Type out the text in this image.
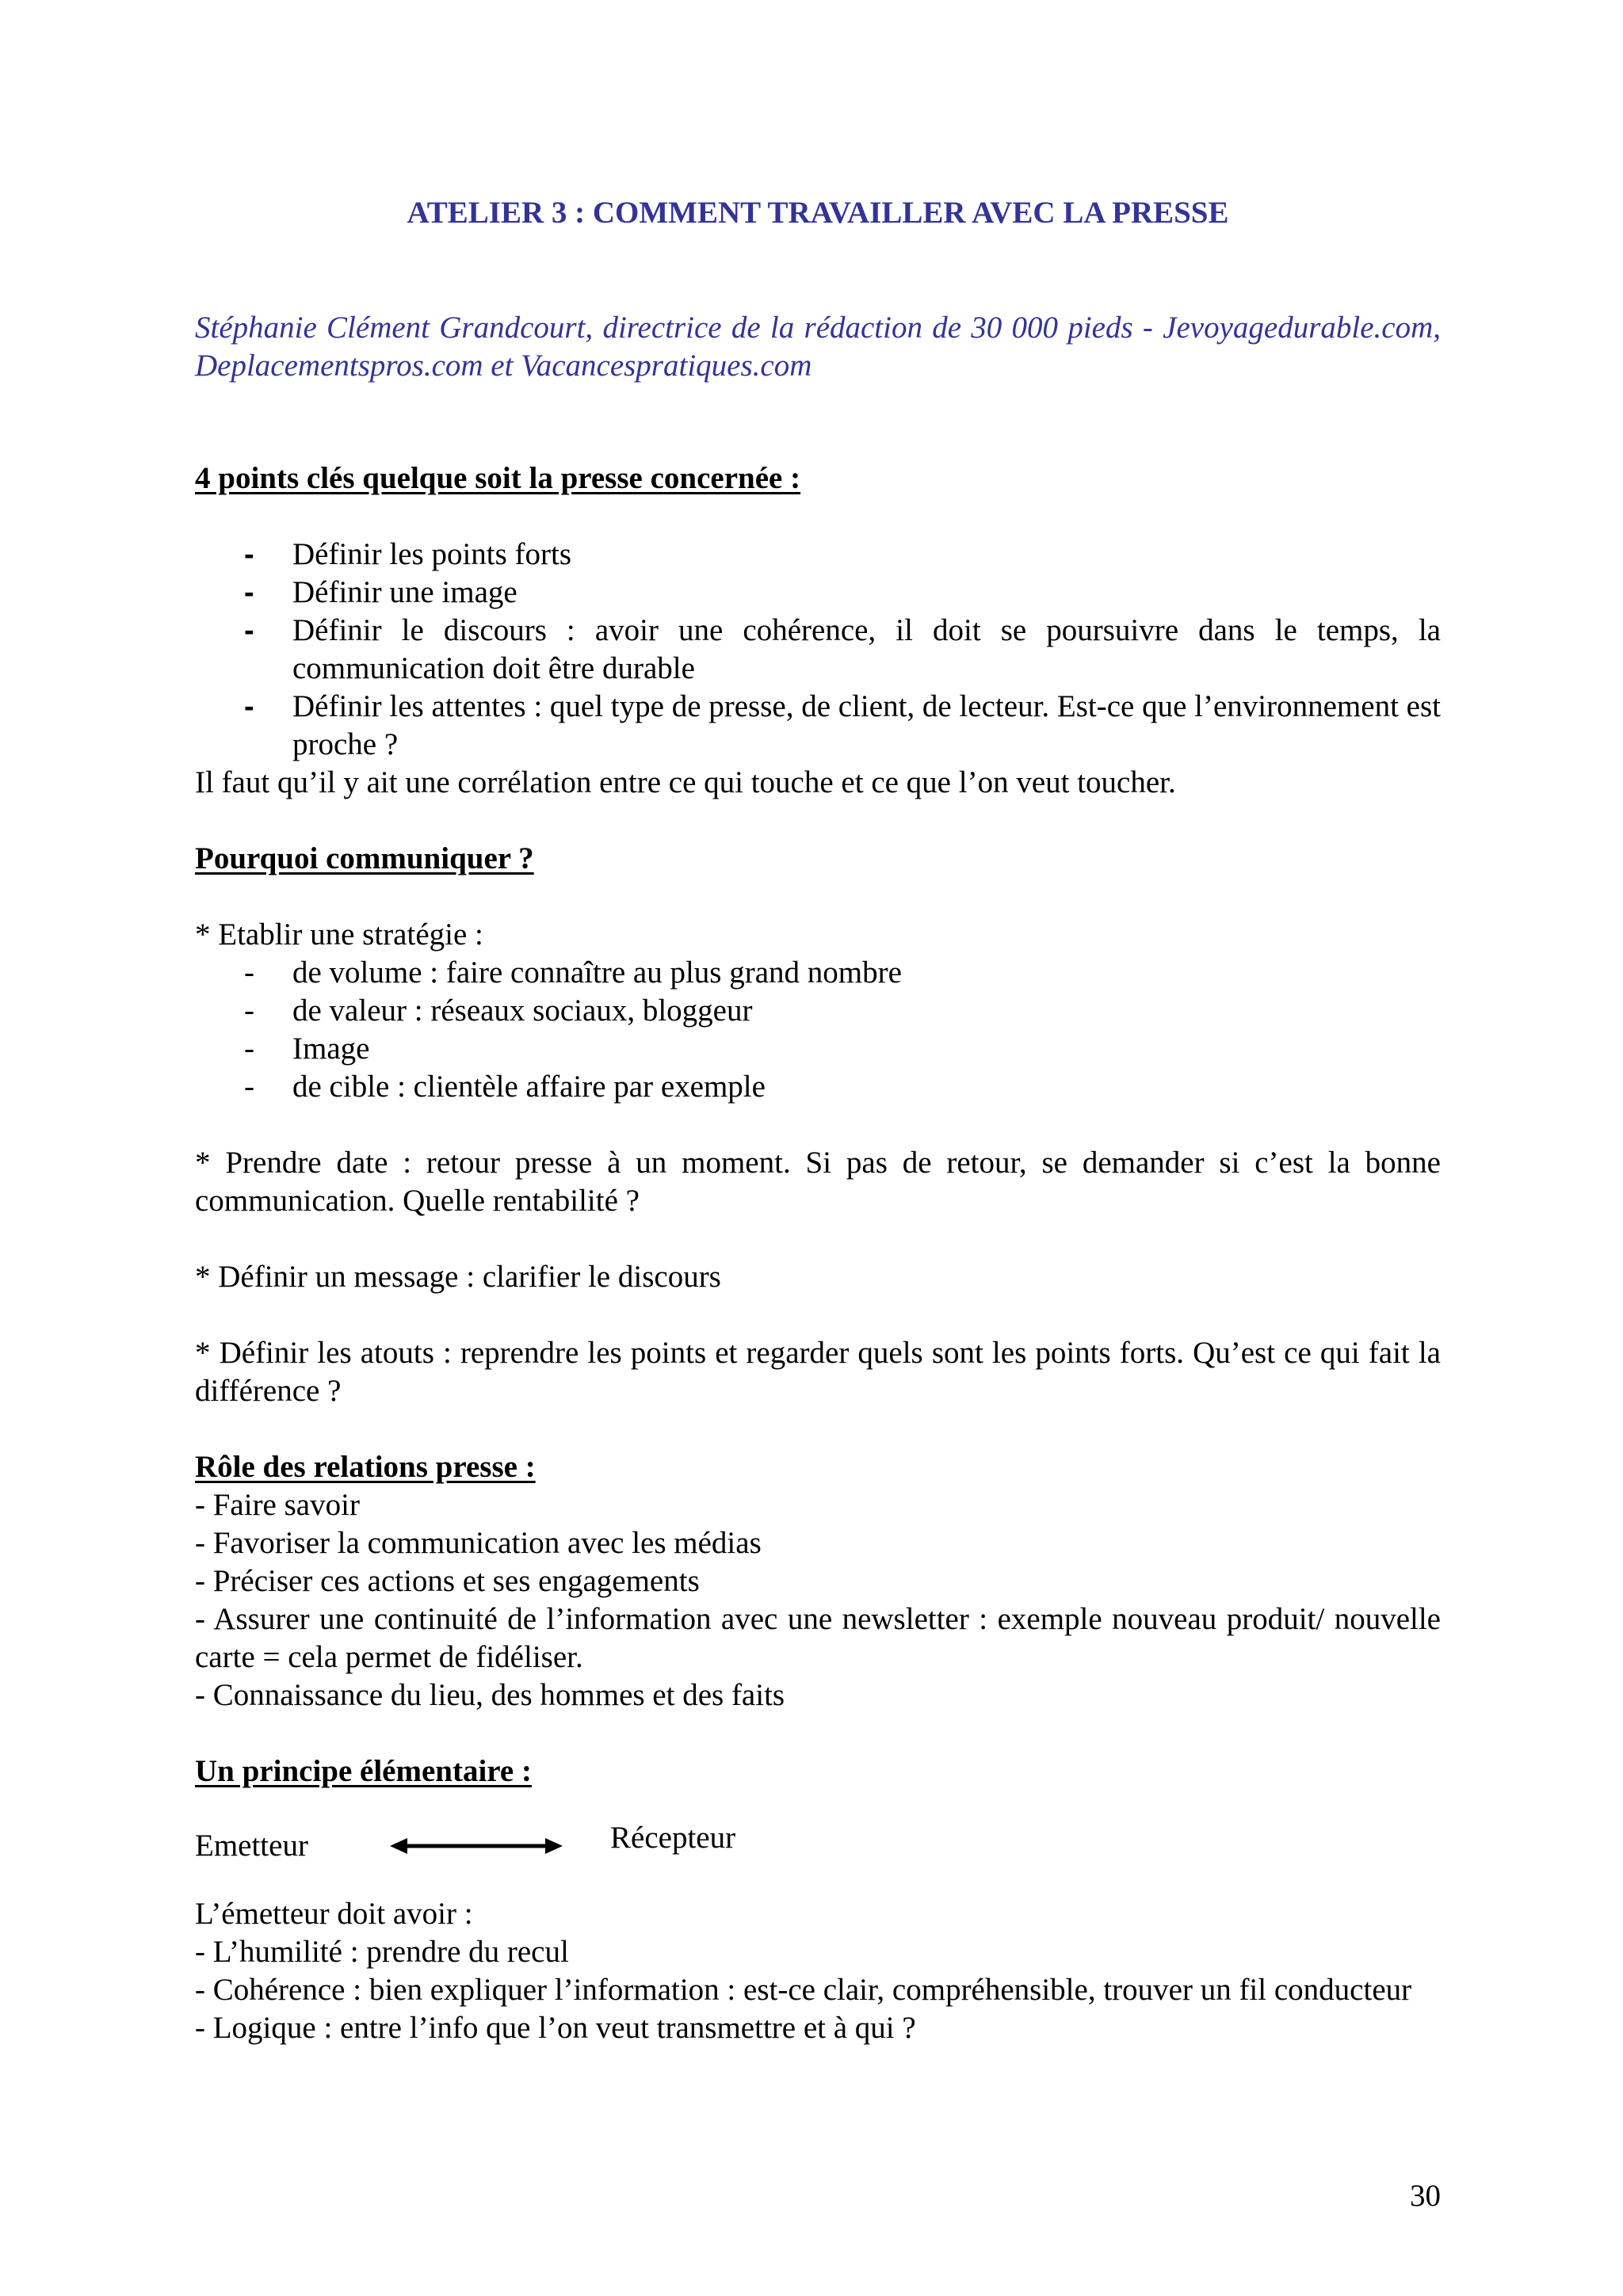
ATELIER 3 : COMMENT TRAVAILLER AVEC LA PRESSE
Stéphanie Clément Grandcourt, directrice de la rédaction de 30 000 pieds - Jevoyagedurable.com, Deplacementspros.com et Vacancespratiques.com
4 points clés quelque soit la presse concernée :
- Définir les points forts
- Définir une image
- Définir le discours : avoir une cohérence, il doit se poursuivre dans le temps, la communication doit être durable
- Définir les attentes : quel type de presse, de client, de lecteur. Est-ce que l’environnement est proche ?
Il faut qu’il y ait une corrélation entre ce qui touche et ce que l’on veut toucher.
Pourquoi communiquer ?
* Etablir une stratégie :
- de volume : faire connaître au plus grand nombre
- de valeur : réseaux sociaux, bloggeur
- Image
- de cible : clientèle affaire par exemple
* Prendre date : retour presse à un moment. Si pas de retour, se demander si c’est la bonne communication. Quelle rentabilité ?
* Définir un message : clarifier le discours
* Définir les atouts : reprendre les points et regarder quels sont les points forts. Qu’est ce qui fait la différence ?
Rôle des relations presse :
- Faire savoir
- Favoriser la communication avec les médias
- Préciser ces actions et ses engagements
- Assurer une continuité de l’information avec une newsletter : exemple nouveau produit/ nouvelle carte = cela permet de fidéliser.
- Connaissance du lieu, des hommes et des faits
Un principe élémentaire :
Emetteur	Récepteur
L’émetteur doit avoir :
- L’humilité : prendre du recul
- Cohérence : bien expliquer l’information : est-ce clair, compréhensible, trouver un fil conducteur
- Logique : entre l’info que l’on veut transmettre et à qui ?
30
